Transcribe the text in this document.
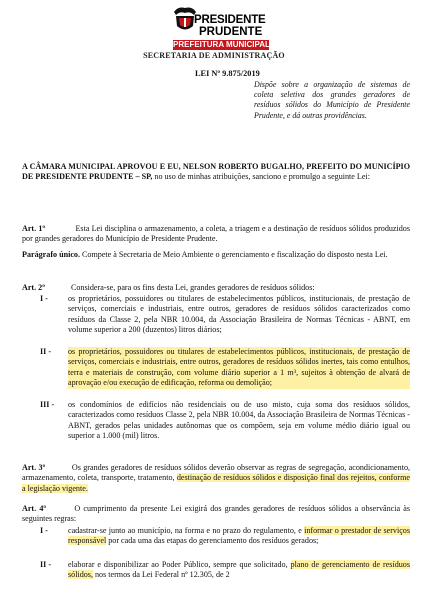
PRESIDENTE
PRUDENTE
PREFEITURA MUNICIPAL
SECRETARIA DE ADMINISTRAÇÃO
LEI Nº 9.875/2019
Dispõe sobre a organização de sistemas de coleta seletiva dos grandes geradores de resíduos sólidos do Município de Presidente Prudente, e dá outras providências.
A CÂMARA MUNICIPAL APROVOU E EU, NELSON ROBERTO BUGALHO, PREFEITO DO MUNICÍPIO DE PRESIDENTE PRUDENTE – SP, no uso de minhas atribuições, sanciono e promulgo a seguinte Lei:
Art. 1º	Esta Lei disciplina o armazenamento, a coleta, a triagem e a destinação de resíduos sólidos produzidos por grandes geradores do Município de Presidente Prudente.
Parágrafo único. Compete à Secretaria de Meio Ambiente o gerenciamento e fiscalização do disposto nesta Lei.
Art. 2º	Considera-se, para os fins desta Lei, grandes geradores de resíduos sólidos:
I - os proprietários, possuidores ou titulares de estabelecimentos públicos, institucionais, de prestação de serviços, comerciais e industriais, entre outros, geradores de resíduos sólidos caracterizados como resíduos da Classe 2, pela NBR 10.004, da Associação Brasileira de Normas Técnicas - ABNT, em volume superior a 200 (duzentos) litros diários;
II - os proprietários, possuidores ou titulares de estabelecimentos públicos, institucionais, de prestação de serviços, comerciais e industriais, entre outros, geradores de resíduos sólidos inertes, tais como entulhos, terra e materiais de construção, com volume diário superior a 1 m³, sujeitos à obtenção de alvará de aprovação e/ou execução de edificação, reforma ou demolição;
III - os condomínios de edifícios não residenciais ou de uso misto, cuja soma dos resíduos sólidos, caracterizados como resíduos Classe 2, pela NBR 10.004, da Associação Brasileira de Normas Técnicas - ABNT, gerados pelas unidades autônomas que os compõem, seja em volume médio diário igual ou superior a 1.000 (mil) litros.
Art. 3º	Os grandes geradores de resíduos sólidos deverão observar as regras de segregação, acondicionamento, armazenamento, coleta, transporte, tratamento, destinação de resíduos sólidos e disposição final dos rejeitos, conforme a legislação vigente.
Art. 4º	O cumprimento da presente Lei exigirá dos grandes geradores de resíduos sólidos a observância às seguintes regras:
I - cadastrar-se junto ao município, na forma e no prazo do regulamento, e informar o prestador de serviços responsável por cada uma das etapas do gerenciamento dos resíduos gerados;
II - elaborar e disponibilizar ao Poder Público, sempre que solicitado, plano de gerenciamento de resíduos sólidos, nos termos da Lei Federal nº 12.305, de 2
